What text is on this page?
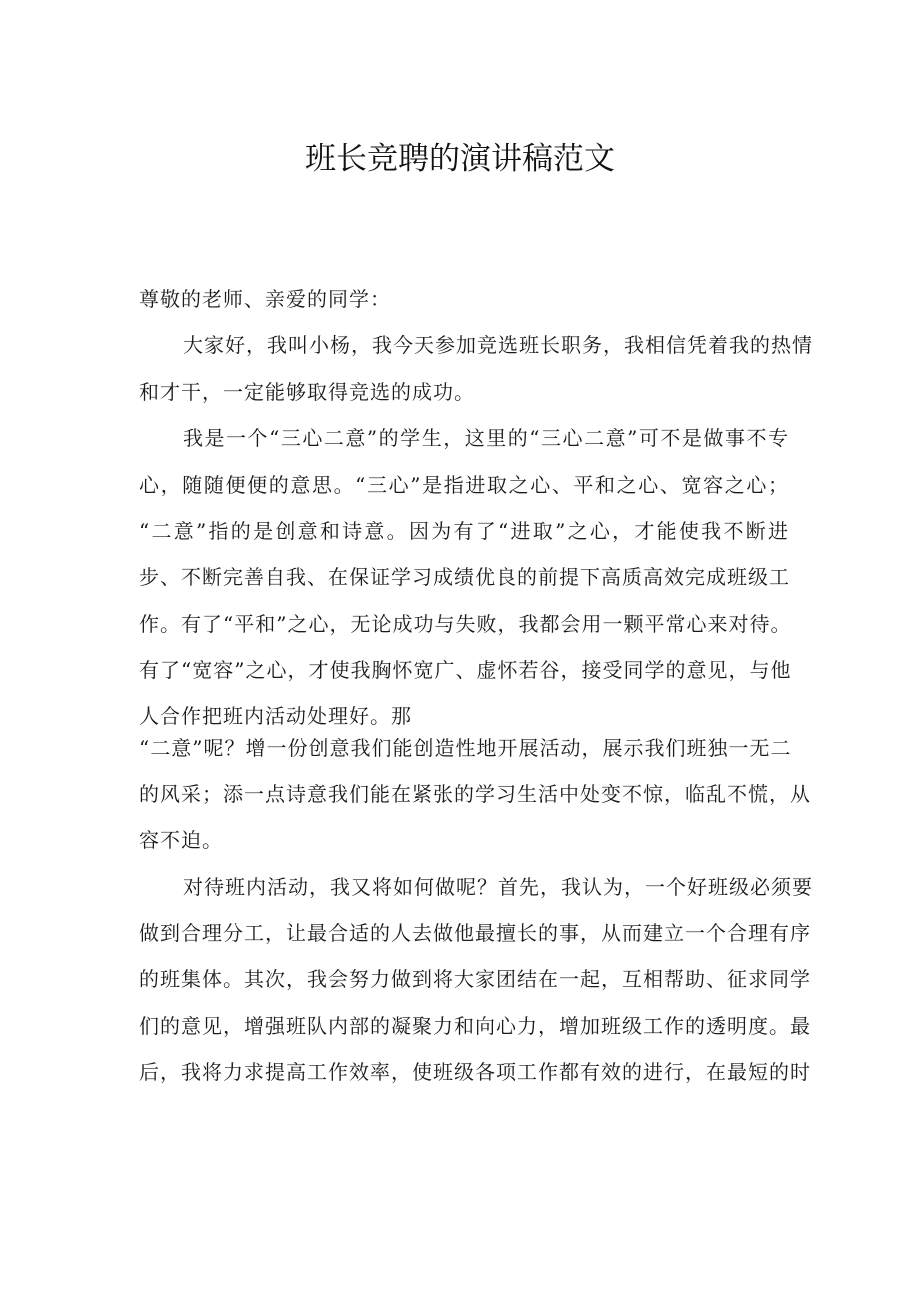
班长竞聘的演讲稿范文
尊敬的老师、亲爱的同学：
大家好，我叫小杨，我今天参加竞选班长职务，我相信凭着我的热情
和才干，一定能够取得竞选的成功。
我是一个“三心二意”的学生，这里的“三心二意”可不是做事不专
心，随随便便的意思。“三心”是指进取之心、平和之心、宽容之心；
“二意”指的是创意和诗意。因为有了“进取”之心，才能使我不断进
步、不断完善自我、在保证学习成绩优良的前提下高质高效完成班级工
作。有了“平和”之心，无论成功与失败，我都会用一颗平常心来对待。
有了“宽容”之心，才使我胸怀宽广、虚怀若谷，接受同学的意见，与他
人合作把班内活动处理好。那
“二意”呢？增一份创意我们能创造性地开展活动，展示我们班独一无二
的风采；添一点诗意我们能在紧张的学习生活中处变不惊，临乱不慌，从
容不迫。
对待班内活动，我又将如何做呢？首先，我认为，一个好班级必须要
做到合理分工，让最合适的人去做他最擅长的事，从而建立一个合理有序
的班集体。其次，我会努力做到将大家团结在一起，互相帮助、征求同学
们的意见，增强班队内部的凝聚力和向心力，增加班级工作的透明度。最
后，我将力求提高工作效率，使班级各项工作都有效的进行，在最短的时
